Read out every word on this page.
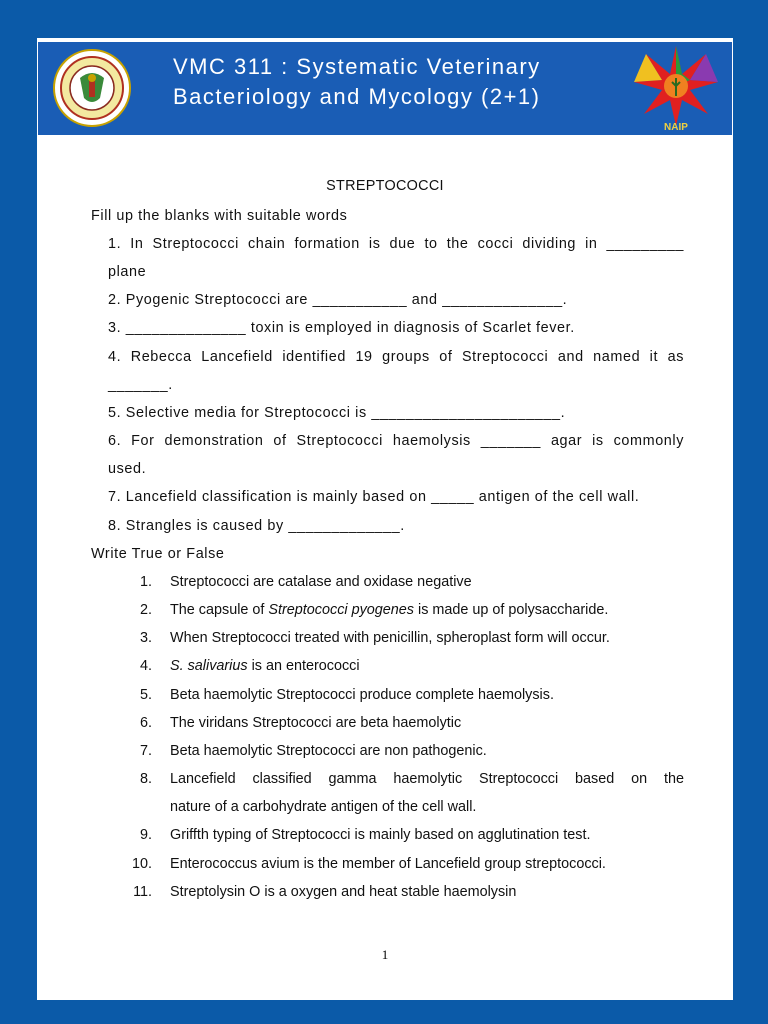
VMC 311 : Systematic Veterinary
Bacteriology and Mycology (2+1)
NAIP
STREPTOCOCCI
Fill up the blanks with suitable words
1. In Streptococci chain formation is due to the cocci dividing in _________
plane
2. Pyogenic Streptococci are ___________ and ______________.
3. ______________ toxin is employed in diagnosis of Scarlet fever.
4. Rebecca Lancefield identified 19 groups of Streptococci and named it as
_______.
5. Selective media for Streptococci is ______________________.
6. For demonstration of Streptococci haemolysis _______ agar is commonly
used.
7. Lancefield classification is mainly based on _____ antigen of the cell wall.
8. Strangles is caused by _____________.
Write True or False
1. Streptococci are catalase and oxidase negative
2. The capsule of Streptococci pyogenes is made up of polysaccharide.
3. When Streptococci treated with penicillin, spheroplast form will occur.
4. S. salivarius is an enterococci
5. Beta haemolytic Streptococci produce complete haemolysis.
6. The viridans Streptococci are beta haemolytic
7. Beta haemolytic Streptococci are non pathogenic.
8. Lancefield classified gamma haemolytic Streptococci based on the
nature of a carbohydrate antigen of the cell wall.
9. Griffth typing of Streptococci is mainly based on agglutination test.
10. Enterococcus avium is the member of Lancefield group streptococci.
11. Streptolysin O is a oxygen and heat stable haemolysin
1
